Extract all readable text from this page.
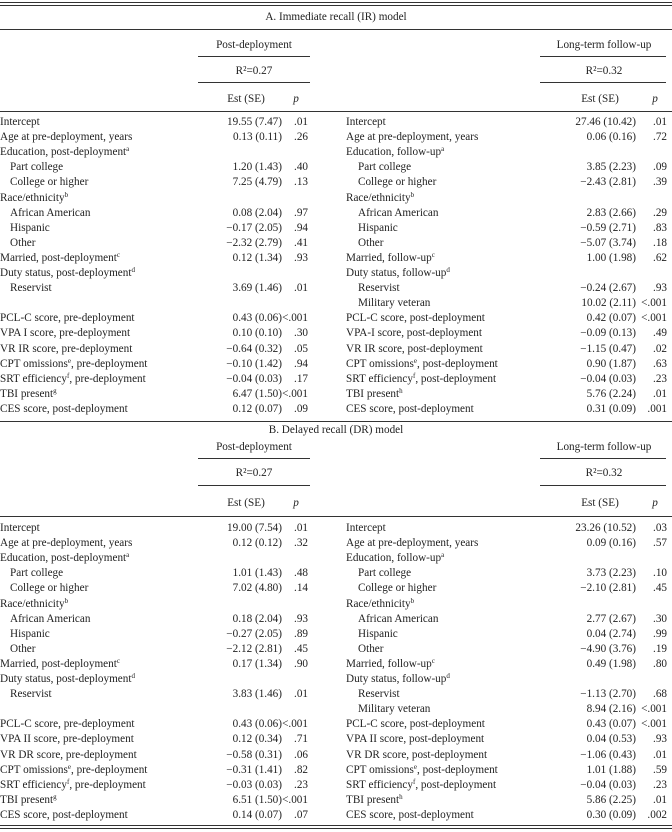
A. Immediate recall (IR) model
Post-deployment
R²=0.27
Est (SE)	p
Intercept	19.55 (7.47) .01
Age at pre-deployment, years	0.13 (0.11) .26
Education, post-deployment$^a$
Part college	1.20 (1.43) .40
College or higher	7.25 (4.79) .13
Race/ethnicity$^b$
African American	0.08 (2.04) .97
Hispanic	−0.17 (2.05) .94
Other	−2.32 (2.79) .41
Married, post-deployment$^c$	0.12 (1.34) .93
Duty status, post-deployment$^d$
Reservist	3.69 (1.46) .01
PCL-C score, pre-deployment	0.43 (0.06) <.001
VPA I score, pre-deployment	0.10 (0.10) .30
VR IR score, pre-deployment	−0.64 (0.32) .05
CPT omissions$^e$, pre-deployment	−0.10 (1.42) .94
SRT efficiency$^f$, pre-deployment	−0.04 (0.03) .17
TBI present$^g$	6.47 (1.50) <.001
CES score, post-deployment	0.12 (0.07) .09
Long-term follow-up
R²=0.32
Est (SE)	p
Intercept	27.46 (10.42) .01
Age at pre-deployment, years	0.06 (0.16) .72
Education, follow-$up^a$
Part college	3.85 (2.23) .09
College or higher	−2.43 (2.81) .39
Race/ethnicity$^b$
African American	2.83 (2.66) .29
Hispanic	−0.59 (2.71) .83
Other	−5.07 (3.74) .18
Married, follow-$up^c$	1.00 (1.98) .62
Duty status, follow-$up^d$
Reservist	−0.24 (2.67) .93
Military veteran	10.02 (2.11) <.001
PCL-C score, post-deployment	0.42 (0.07) <.001
VPA-I score, post-deployment	−0.09 (0.13) .49
VR IR score, post-deployment	−1.15 (0.47) .02
CPT omissions$^e$, post-deployment	0.90 (1.87) .63
SRT efficiency$^f$, post-deployment	−0.04 (0.03) .23
TBI present$^h$	5.76 (2.24) .01
CES score, post-deployment	0.31 (0.09) .001
B. Delayed recall (DR) model
Post-deployment
R²=0.27
Est (SE)	p
Intercept	19.00 (7.54) .01
Age at pre-deployment, years	0.12 (0.12) .32
Education, post-deployment$^a$
Part college	1.01 (1.43) .48
College or higher	7.02 (4.80) .14
Race/ethnicity$^b$
African American	0.18 (2.04) .93
Hispanic	−0.27 (2.05) .89
Other	−2.12 (2.81) .45
Married, post-deployment$^c$	0.17 (1.34) .90
Duty status, post-deployment$^d$
Reservist	3.83 (1.46) .01
PCL-C score, pre-deployment	0.43 (0.06) <.001
VPA II score, pre-deployment	0.12 (0.34) .71
VR DR score, pre-deployment	−0.58 (0.31) .06
CPT omissions$^e$, pre-deployment	−0.31 (1.41) .82
SRT efficiency$^f$, pre-deployment	−0.03 (0.03) .23
TBI present$^g$	6.51 (1.50) <.001
CES score, post-deployment	0.14 (0.07) .07
Long-term follow-up
R²=0.32
Est (SE)	p
Intercept	23.26 (10.52) .03
Age at pre-deployment, years	0.09 (0.16) .57
Education, follow-$up^a$
Part college	3.73 (2.23) .10
College or higher	−2.10 (2.81) .45
Race/ethnicity$^b$
African American	2.77 (2.67) .30
Hispanic	0.04 (2.74) .99
Other	−4.90 (3.76) .19
Married, follow-$up^c$	0.49 (1.98) .80
Duty status, follow-$up^d$
Reservist	−1.13 (2.70) .68
Military veteran	8.94 (2.16) <.001
PCL-C score, post-deployment	0.43 (0.07) <.001
VPA II score, post-deployment	0.04 (0.53) .93
VR DR score, post-deployment	−1.06 (0.43) .01
CPT omissions$^e$, post-deployment	1.01 (1.88) .59
SRT efficiency$^f$, post-deployment	−0.04 (0.03) .23
TBI present$^h$	5.86 (2.25) .01
CES score, post-deployment	0.30 (0.09) .002
